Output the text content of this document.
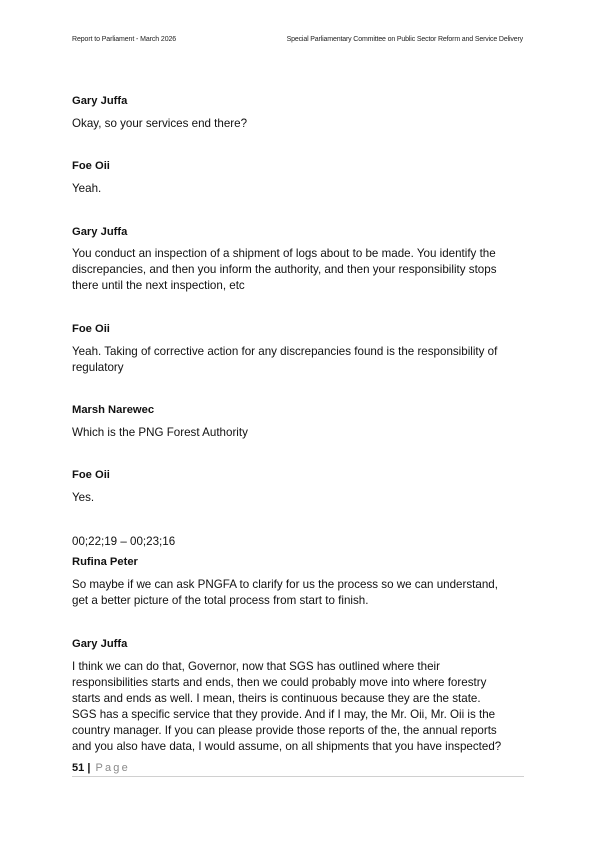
Report to Parliament - March 2026	Special Parliamentary Committee on Public Sector Reform and Service Delivery
Gary Juffa
Okay, so your services end there?
Foe Oii
Yeah.
Gary Juffa
You conduct an inspection of a shipment of logs about to be made. You identify the
discrepancies, and then you inform the authority, and then your responsibility stops
there until the next inspection, etc
Foe Oii
Yeah. Taking of corrective action for any discrepancies found is the responsibility of
regulatory
Marsh Narewec
Which is the PNG Forest Authority
Foe Oii
Yes.
00;22;19 – 00;23;16
Rufina Peter
So maybe if we can ask PNGFA to clarify for us the process so we can understand,
get a better picture of the total process from start to finish.
Gary Juffa
I think we can do that, Governor, now that SGS has outlined where their
responsibilities starts and ends, then we could probably move into where forestry
starts and ends as well. I mean, theirs is continuous because they are the state.
SGS has a specific service that they provide. And if I may, the Mr. Oii, Mr. Oii is the
country manager. If you can please provide those reports of the, the annual reports
and you also have data, I would assume, on all shipments that you have inspected?
51 | Page
